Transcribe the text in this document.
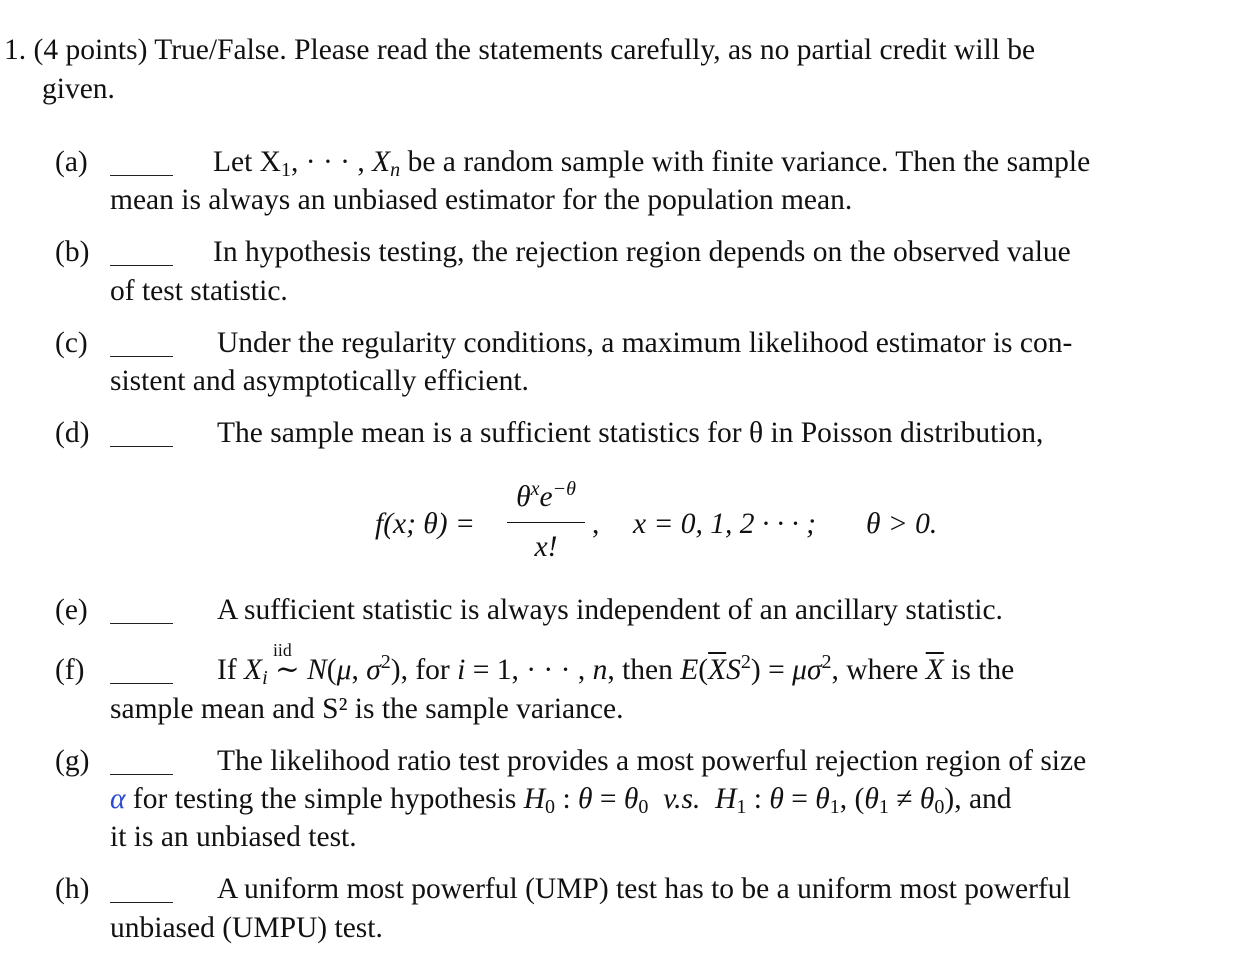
1. (4 points) True/False. Please read the statements carefully, as no partial credit will be
given.
(a)	Let $X_1$, · · · , $X_n$ be a random sample with finite variance. Then the sample
mean is always an unbiased estimator for the population mean.
(b)	In hypothesis testing, the rejection region depends on the observed value
of test statistic.
(c)	Under the regularity conditions, a maximum likelihood estimator is con-
sistent and asymptotically efficient.
(d)	The sample mean is a sufficient statistics for θ in Poisson distribution,
f(x; θ) =
$\theta^xe^{-\theta}$
x!
, x = 0, 1, 2 · · · ; θ > 0.
(e)	A sufficient statistic is always independent of an ancillary statistic.
(f)	If $X_i$
iid
∼ N(μ, $\sigma^2$), for i = 1, · · · , n, then $E(\overline{X}S^2) = \mu\sigma^2$, where $\overline{X}$ is the
sample mean and S² is the sample variance.
(g)	The likelihood ratio test provides a most powerful rejection region of size
α for testing the simple hypothesis $H_0$ : $\theta = \theta_0$ v.s. $H_1$ : $\theta = \theta_1$, $(\theta_1 \ne \theta_0)$, and
it is an unbiased test.
(h)	A uniform most powerful (UMP) test has to be a uniform most powerful
unbiased (UMPU) test.
